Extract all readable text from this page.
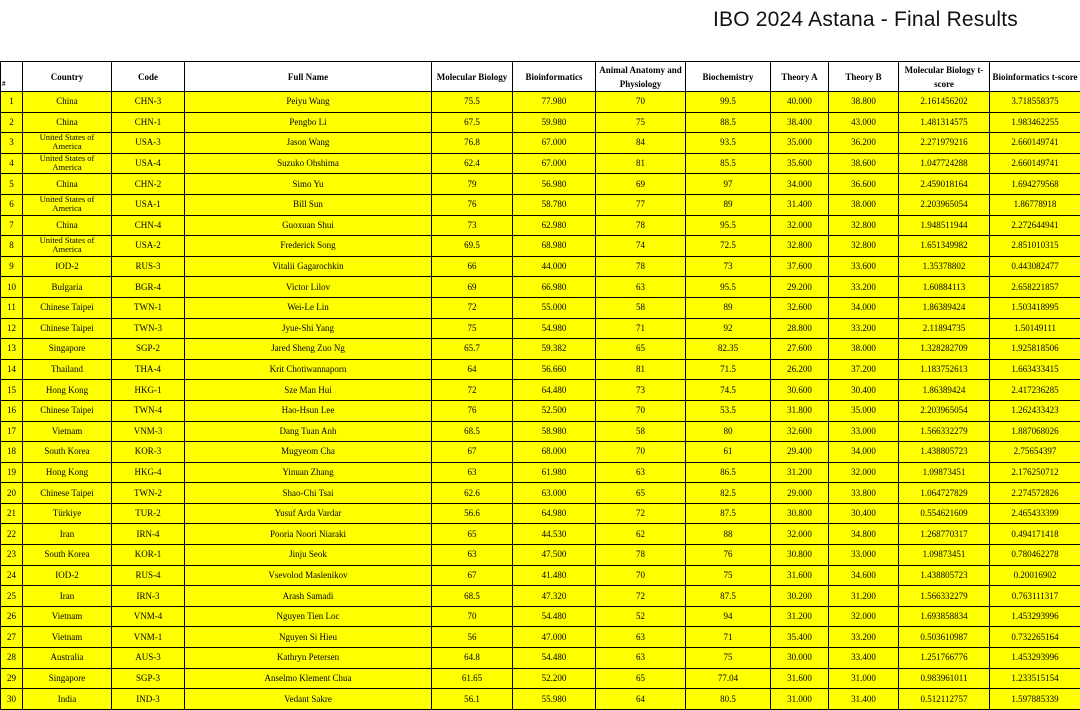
IBO 2024 Astana - Final Results
#	Country	Code	Full Name	Molecular Biology	Bioinformatics	Animal Anatomy and Physiology	Biochemistry	Theory A	Theory B	Molecular Biology t-score	Bioinformatics t-score
1	China	CHN-3	Peiyu Wang	75.5	77.980	70	99.5	40.000	38.800	2.161456202	3.718558375
2	China	CHN-1	Pengbo Li	67.5	59.980	75	88.5	38.400	43.000	1.481314575	1.983462255
3	United States of America	USA-3	Jason Wang	76.8	67.000	84	93.5	35.000	36.200	2.271979216	2.660149741
4	United States of America	USA-4	Suzuko Ohshima	62.4	67.000	81	85.5	35.600	38.600	1.047724288	2.660149741
5	China	CHN-2	Simo Yu	79	56.980	69	97	34.000	36.600	2.459018164	1.694279568
6	United States of America	USA-1	Bill Sun	76	58.780	77	89	31.400	38.000	2.203965054	1.86778918
7	China	CHN-4	Guoxuan Shui	73	62.980	78	95.5	32.000	32.800	1.948511944	2.272644941
8	United States of America	USA-2	Frederick Song	69.5	68.980	74	72.5	32.800	32.800	1.651349982	2.851010315
9	IOD-2	RUS-3	Vitalii Gagarochkin	66	44.000	78	73	37.600	33.600	1.35378802	0.443082477
10	Bulgaria	BGR-4	Victor Lilov	69	66.980	63	95.5	29.200	33.200	1.60884113	2.658221857
11	Chinese Taipei	TWN-1	Wei-Le Lin	72	55.000	58	89	32.600	34.000	1.86389424	1.503418995
12	Chinese Taipei	TWN-3	Jyue-Shi Yang	75	54.980	71	92	28.800	33.200	2.11894735	1.50149111
13	Singapore	SGP-2	Jared Sheng Zuo Ng	65.7	59.382	65	82.35	27.600	38.000	1.328282709	1.925818506
14	Thailand	THA-4	Krit Chotiwannaporn	64	56.660	81	71.5	26.200	37.200	1.183752613	1.663433415
15	Hong Kong	HKG-1	Sze Man Hui	72	64.480	73	74.5	30.600	30.400	1.86389424	2.417236285
16	Chinese Taipei	TWN-4	Hao-Hsun Lee	76	52.500	70	53.5	31.800	35.000	2.203965054	1.262433423
17	Vietnam	VNM-3	Dang Tuan Anh	68.5	58.980	58	80	32.600	33.000	1.566332279	1.887068026
18	South Korea	KOR-3	Mugyeom Cha	67	68.000	70	61	29.400	34.000	1.438805723	2.75654397
19	Hong Kong	HKG-4	Yinuan Zhang	63	61.980	63	86.5	31.200	32.000	1.09873451	2.176250712
20	Chinese Taipei	TWN-2	Shao-Chi Tsai	62.6	63.000	65	82.5	29.000	33.800	1.064727829	2.274572826
21	Türkiye	TUR-2	Yusuf Arda Vardar	56.6	64.980	72	87.5	30.800	30.400	0.554621609	2.465433399
22	Iran	IRN-4	Pooria Noori Niaraki	65	44.530	62	88	32.000	34.800	1.268770317	0.494171418
23	South Korea	KOR-1	Jinju Seok	63	47.500	78	76	30.800	33.000	1.09873451	0.780462278
24	IOD-2	RUS-4	Vsevolod Maslenikov	67	41.480	70	75	31.600	34.600	1.438805723	0.20016902
25	Iran	IRN-3	Arash Samadi	68.5	47.320	72	87.5	30.200	31.200	1.566332279	0.763111317
26	Vietnam	VNM-4	Nguyen Tien Loc	70	54.480	52	94	31.200	32.000	1.693858834	1.453293996
27	Vietnam	VNM-1	Nguyen Si Hieu	56	47.000	63	71	35.400	33.200	0.503610987	0.732265164
28	Australia	AUS-3	Kathryn Petersen	64.8	54.480	63	75	30.000	33.400	1.251766776	1.453293996
29	Singapore	SGP-3	Anselmo Klement Chua	61.65	52.200	65	77.04	31.600	31.000	0.983961011	1.233515154
30	India	IND-3	Vedant Sakre	56.1	55.980	64	80.5	31.000	31.400	0.512112757	1.597885339
